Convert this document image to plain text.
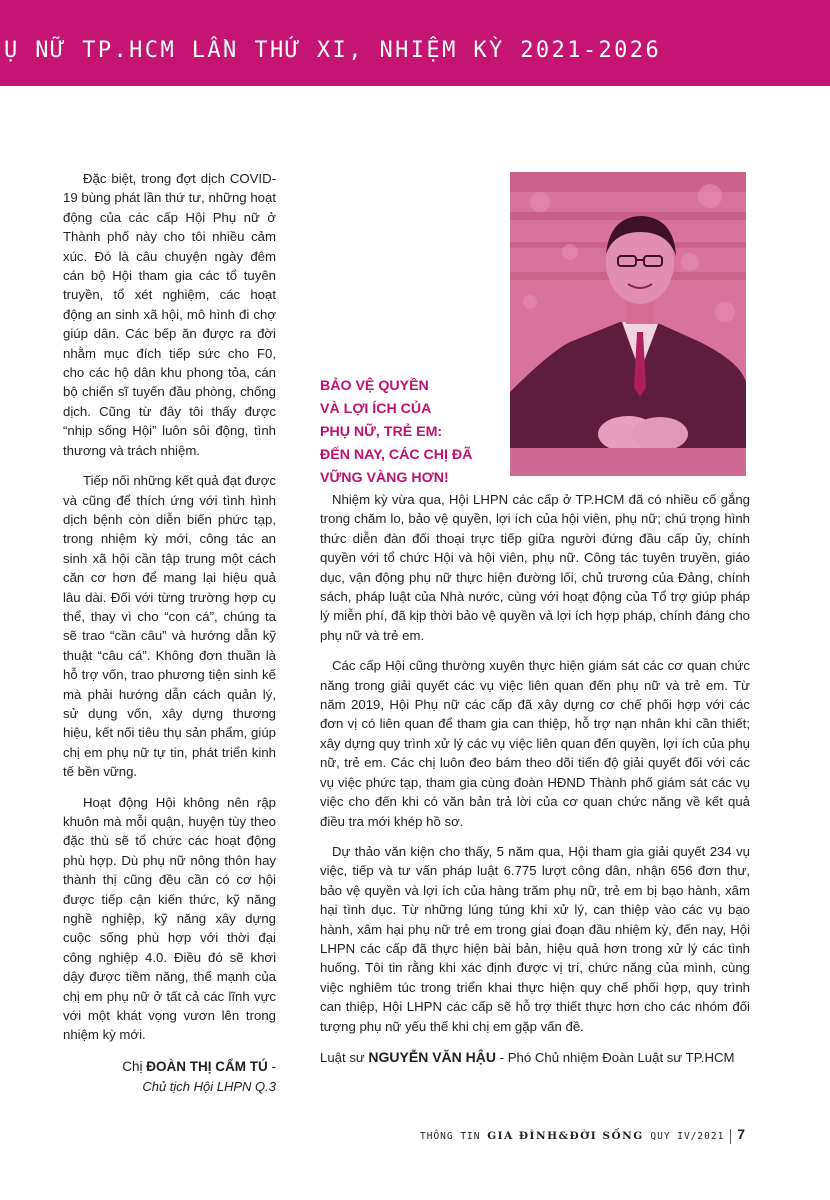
Ụ NỮ TP.HCM LẦN THỨ XI, NHIỆM KỲ 2021-2026

Đặc biệt, trong đợt dịch COVID-19 bùng phát lần thứ tư, những hoạt động của các cấp Hội Phụ nữ ở Thành phố này cho tôi nhiều cảm xúc. Đó là câu chuyện ngày đêm cán bộ Hội tham gia các tổ tuyên truyền, tổ xét nghiệm, các hoạt động an sinh xã hội, mô hình đi chợ giúp dân. Các bếp ăn được ra đời nhằm mục đích tiếp sức cho F0, cho các hộ dân khu phong tỏa, cán bộ chiến sĩ tuyến đầu phòng, chống dịch. Cũng từ đây tôi thấy được “nhịp sống Hội” luôn sôi động, tình thương và trách nhiệm.

Tiếp nối những kết quả đạt được và cũng để thích ứng với tình hình dịch bệnh còn diễn biến phức tạp, trong nhiệm kỳ mới, công tác an sinh xã hội cần tập trung một cách căn cơ hơn để mang lại hiệu quả lâu dài. Đối với từng trường hợp cụ thể, thay vì cho “con cá”, chúng ta sẽ trao “cần câu” và hướng dẫn kỹ thuật “câu cá”. Không đơn thuần là hỗ trợ vốn, trao phương tiện sinh kế mà phải hướng dẫn cách quản lý, sử dụng vốn, xây dựng thương hiệu, kết nối tiêu thụ sản phẩm, giúp chị em phụ nữ tự tin, phát triển kinh tế bền vững.

Hoạt động Hội không nên rập khuôn mà mỗi quận, huyện tùy theo đặc thù sẽ tổ chức các hoạt động phù hợp. Dù phụ nữ nông thôn hay thành thị cũng đều cần có cơ hội được tiếp cận kiến thức, kỹ năng nghề nghiệp, kỹ năng xây dựng cuộc sống phù hợp với thời đại công nghiệp 4.0. Điều đó sẽ khơi dậy được tiềm năng, thế mạnh của chị em phụ nữ ở tất cả các lĩnh vực với một khát vọng vươn lên trong nhiệm kỳ mới.

Chị ĐOÀN THỊ CẨM TÚ -
Chủ tịch Hội LHPN Q.3
BẢO VỆ QUYỀN
VÀ LỢI ÍCH CỦA
PHỤ NỮ, TRẺ EM:
ĐẾN NAY, CÁC CHỊ ĐÃ
VỮNG VÀNG HƠN!

Nhiệm kỳ vừa qua, Hội LHPN các cấp ở TP.HCM đã có nhiều cố gắng trong chăm lo, bảo vệ quyền, lợi ích của hội viên, phụ nữ; chú trọng hình thức diễn đàn đối thoại trực tiếp giữa người đứng đầu cấp ủy, chính quyền với tổ chức Hội và hội viên, phụ nữ. Công tác tuyên truyền, giáo dục, vận động phụ nữ thực hiện đường lối, chủ trương của Đảng, chính sách, pháp luật của Nhà nước, cùng với hoạt động của Tổ trợ giúp pháp lý miễn phí, đã kịp thời bảo vệ quyền và lợi ích hợp pháp, chính đáng cho phụ nữ và trẻ em.

Các cấp Hội cũng thường xuyên thực hiện giám sát các cơ quan chức năng trong giải quyết các vụ việc liên quan đến phụ nữ và trẻ em. Từ năm 2019, Hội Phụ nữ các cấp đã xây dựng cơ chế phối hợp với các đơn vị có liên quan để tham gia can thiệp, hỗ trợ nạn nhân khi cần thiết; xây dựng quy trình xử lý các vụ việc liên quan đến quyền, lợi ích của phụ nữ, trẻ em. Các chị luôn đeo bám theo dõi tiến độ giải quyết đối với các vụ việc phức tạp, tham gia cùng đoàn HĐND Thành phố giám sát các vụ việc cho đến khi có văn bản trả lời của cơ quan chức năng về kết quả điều tra mới khép hồ sơ.

Dự thảo văn kiện cho thấy, 5 năm qua, Hội tham gia giải quyết 234 vụ việc, tiếp và tư vấn pháp luật 6.775 lượt công dân, nhận 656 đơn thư, bảo vệ quyền và lợi ích của hàng trăm phụ nữ, trẻ em bị bạo hành, xâm hại tình dục. Từ những lúng túng khi xử lý, can thiệp vào các vụ bạo hành, xâm hại phụ nữ trẻ em trong giai đoạn đầu nhiệm kỳ, đến nay, Hội LHPN các cấp đã thực hiện bài bản, hiệu quả hơn trong xử lý các tình huống. Tôi tin rằng khi xác định được vị trí, chức năng của mình, cùng việc nghiêm túc trong triển khai thực hiện quy chế phối hợp, quy trình can thiệp, Hội LHPN các cấp sẽ hỗ trợ thiết thực hơn cho các nhóm đối tượng phụ nữ yếu thế khi chị em gặp vấn đề.

Luật sư NGUYỄN VĂN HẬU - Phó Chủ nhiệm Đoàn Luật sư TP.HCM
THÔNG TIN GIA ĐÌNH&ĐỜI SỐNG QUY IV/2021 7
